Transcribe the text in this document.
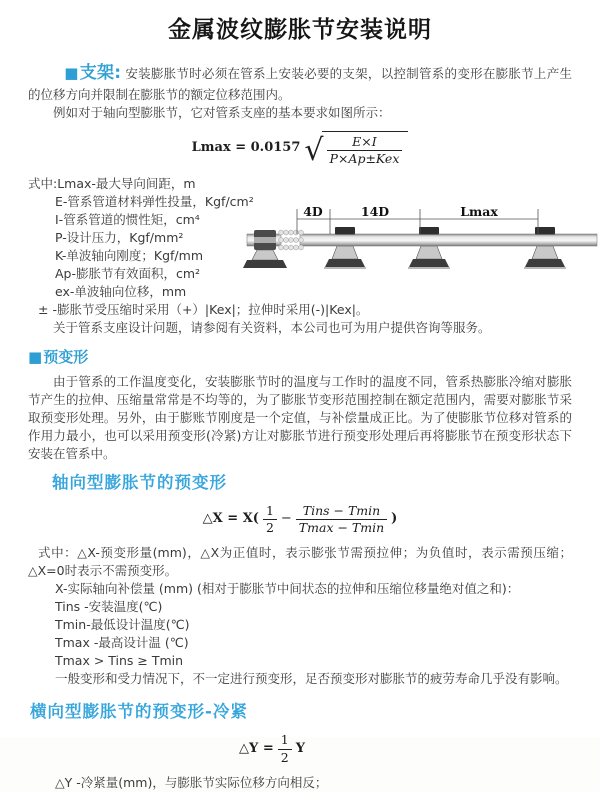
金属波纹膨胀节安装说明

■支架: 安装膨胀节时必须在管系上安装必要的支架，以控制管系的变形在膨胀节上产生的位移方向并限制在膨胀节的额定位移范围内。

例如对于轴向型膨胀节，它对管系支座的基本要求如图所示：

Lmax = 0.0157 √ $\frac{E\times I}{\text{P×Ap±Kex}}$
式中:Lmax-最大导向间距，m
E-管系管道材料弹性投量，Kgf/cm²
I-管系管道的惯性矩，cm⁴
P-设计压力，Kgf/mm²
K-单波轴向刚度；Kgf/mm
Ap-膨胀节有效面积，cm²
ex-单波轴向位移，mm
4D	14D	Lmax

± -膨胀节受压缩时采用（+）|Kex|；拉伸时采用(-)|Kex|。

关于管系支座设计问题，请参阅有关资料，本公司也可为用户提供咨询等服务。

■预变形

由于管系的工作温度变化，安装膨胀节时的温度与工作时的温度不同，管系热膨胀冷缩对膨胀节产生的拉伸、压缩量常常是不均等的，为了膨胀节变形范围控制在额定范围内，需要对膨胀节采取预变形处理。另外，由于膨账节刚度是一个定值，与补偿量成正比。为了使膨胀节位移对管系的作用力最小，也可以采用预变形(冷紧)方让对膨胀节进行预变形处理后再将膨胀节在预变形状态下安装在管系中。

轴向型膨胀节的预变形
△X = $X( \frac{1}{2} - \frac{\text{Tins − Tmin}}{Tmax - Tmin}$ )

式中：△X-预变形量(mm)，△X为正值时，表示膨张节需预拉伸；为负值时，表示需预压缩；△X=0时表示不需预变形。

X-实际轴向补偿量 (mm) (相对于膨胀节中间状态的拉伸和压缩位移量绝对值之和)：
Tins -安装温度(℃)
Tmin-最低设计温度(℃)
Tmax -最高设计温 (℃)
Tmax > Tins ≥ Tmin
一般变形和受力情况下，不一定进行预变形，足否预变形对膨胀节的疲劳寿命几乎没有影响。
横向型膨胀节的预变形-冷紧
△Y = $\frac{1}{2}$ Y

△Y -冷紧量(mm)，与膨胀节实际位移方向相反；
